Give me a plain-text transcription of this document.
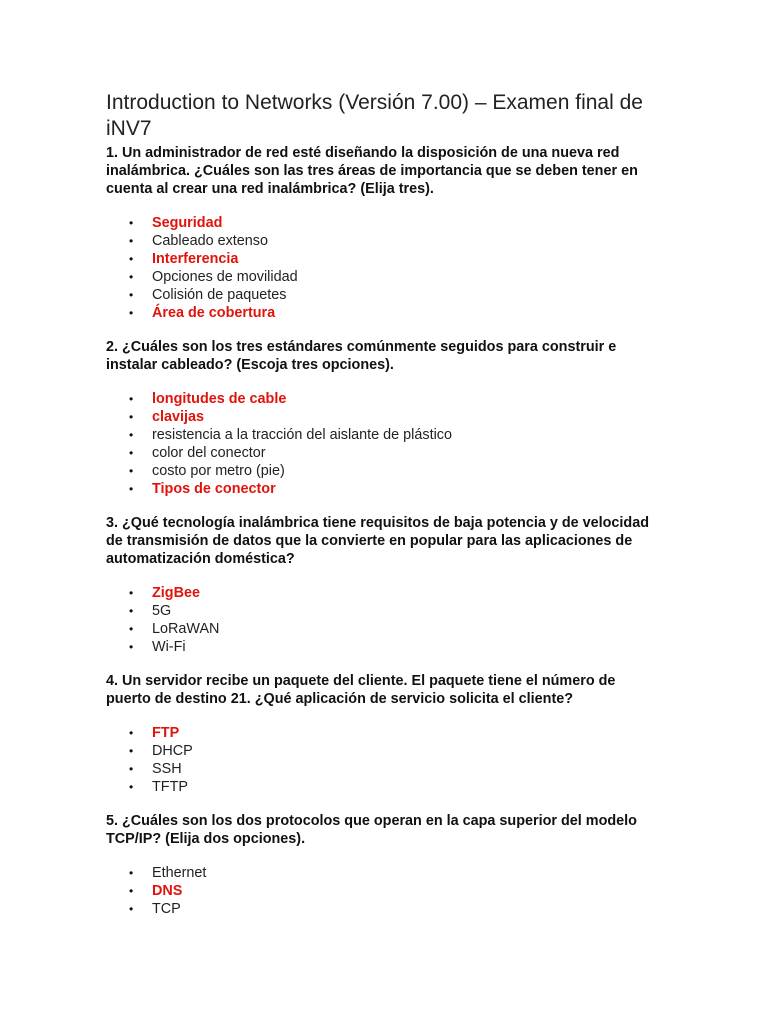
Introduction to Networks (Versión 7.00) – Examen final de iNV7

1. Un administrador de red esté diseñando la disposición de una nueva red inalámbrica. ¿Cuáles son las tres áreas de importancia que se deben tener en cuenta al crear una red inalámbrica? (Elija tres).

• Seguridad
• Cableado extenso
• Interferencia
• Opciones de movilidad
• Colisión de paquetes
• Área de cobertura

2. ¿Cuáles son los tres estándares comúnmente seguidos para construir e instalar cableado? (Escoja tres opciones).

• longitudes de cable
• clavijas
• resistencia a la tracción del aislante de plástico
• color del conector
• costo por metro (pie)
• Tipos de conector

3. ¿Qué tecnología inalámbrica tiene requisitos de baja potencia y de velocidad de transmisión de datos que la convierte en popular para las aplicaciones de automatización doméstica?

• ZigBee
• 5G
• LoRaWAN
• Wi-Fi

4. Un servidor recibe un paquete del cliente. El paquete tiene el número de puerto de destino 21. ¿Qué aplicación de servicio solicita el cliente?

• FTP
• DHCP
• SSH
• TFTP

5. ¿Cuáles son los dos protocolos que operan en la capa superior del modelo TCP/IP? (Elija dos opciones).

• Ethernet
• DNS
• TCP
